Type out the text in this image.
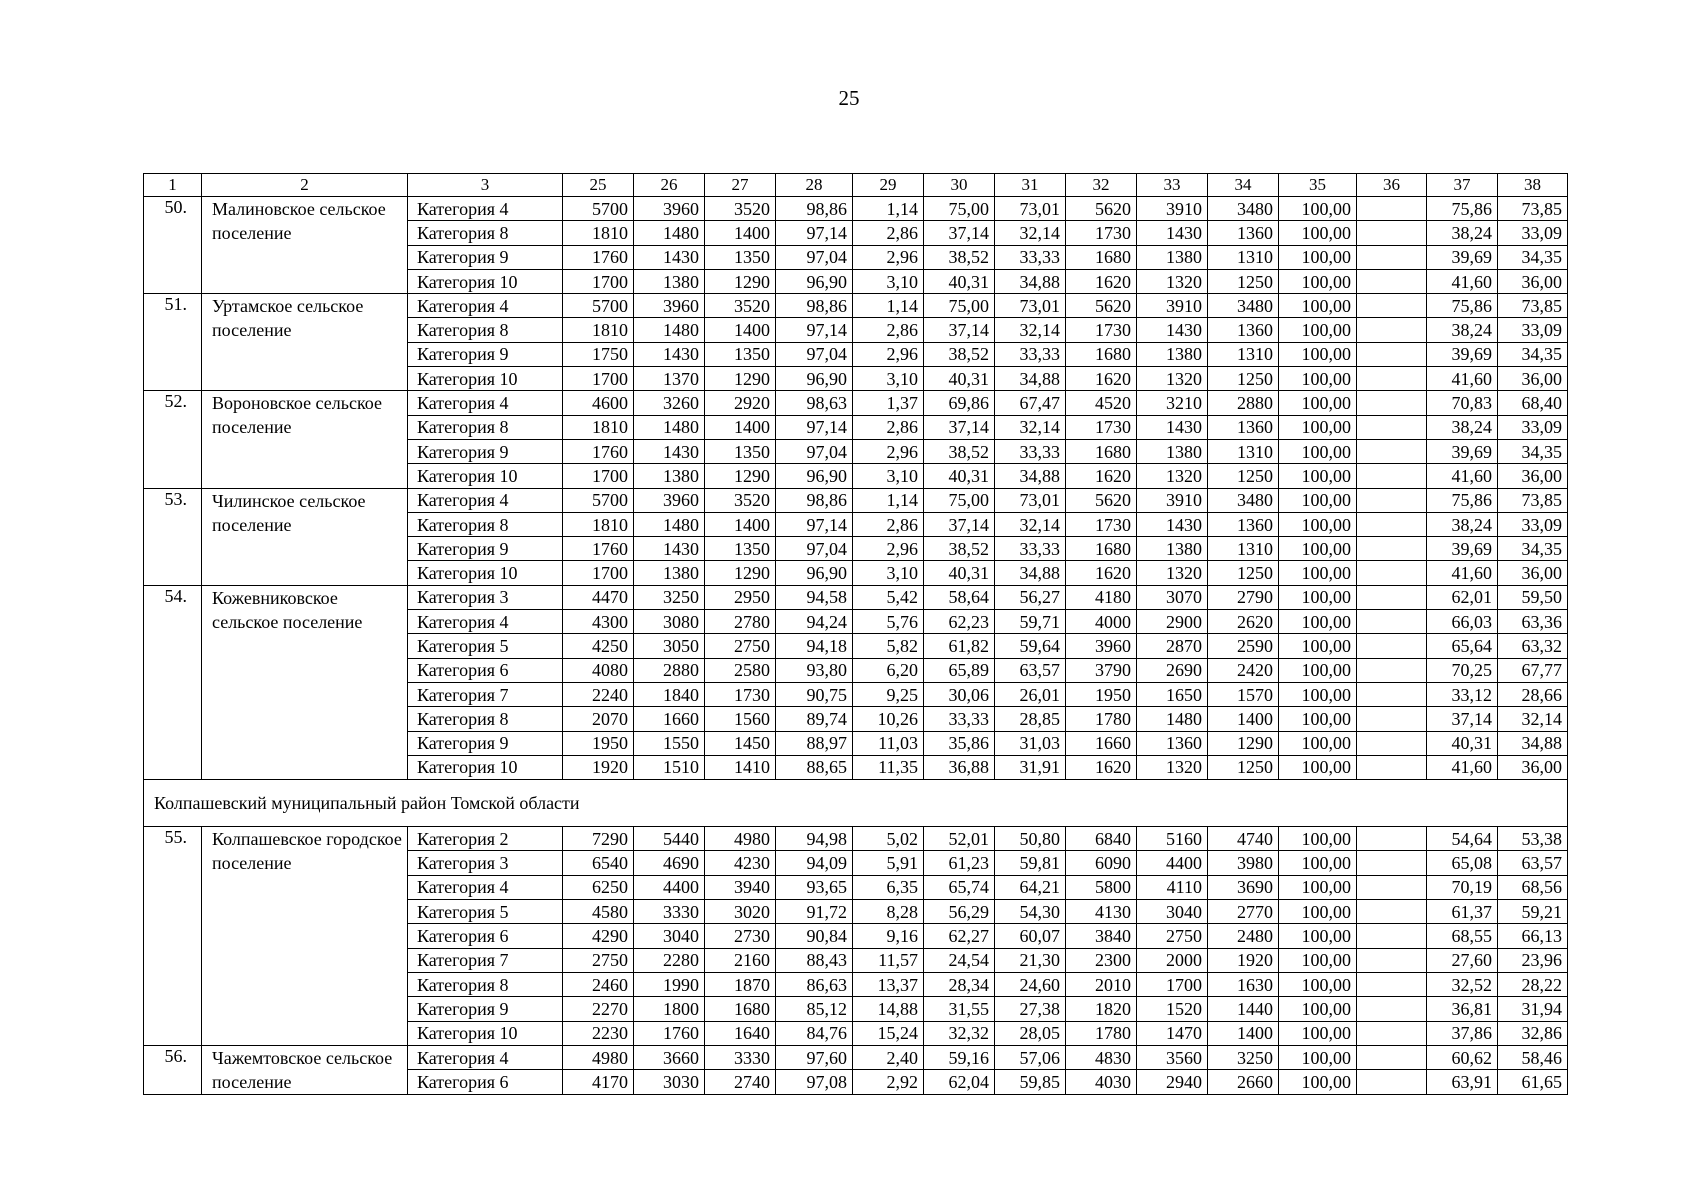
25
1	2	3	25	26	27	28	29	30	31	32	33	34	35	36	37	38
50.	Малиновское сельское поселение	Категория 4	5700	3960	3520	98,86	1,14	75,00	73,01	5620	3910	3480	100,00		75,86	73,85
		Категория 8	1810	1480	1400	97,14	2,86	37,14	32,14	1730	1430	1360	100,00		38,24	33,09
		Категория 9	1760	1430	1350	97,04	2,96	38,52	33,33	1680	1380	1310	100,00		39,69	34,35
		Категория 10	1700	1380	1290	96,90	3,10	40,31	34,88	1620	1320	1250	100,00		41,60	36,00
51.	Уртамское сельское поселение	Категория 4	5700	3960	3520	98,86	1,14	75,00	73,01	5620	3910	3480	100,00		75,86	73,85
		Категория 8	1810	1480	1400	97,14	2,86	37,14	32,14	1730	1430	1360	100,00		38,24	33,09
		Категория 9	1750	1430	1350	97,04	2,96	38,52	33,33	1680	1380	1310	100,00		39,69	34,35
		Категория 10	1700	1370	1290	96,90	3,10	40,31	34,88	1620	1320	1250	100,00		41,60	36,00
52.	Вороновское сельское поселение	Категория 4	4600	3260	2920	98,63	1,37	69,86	67,47	4520	3210	2880	100,00		70,83	68,40
		Категория 8	1810	1480	1400	97,14	2,86	37,14	32,14	1730	1430	1360	100,00		38,24	33,09
		Категория 9	1760	1430	1350	97,04	2,96	38,52	33,33	1680	1380	1310	100,00		39,69	34,35
		Категория 10	1700	1380	1290	96,90	3,10	40,31	34,88	1620	1320	1250	100,00		41,60	36,00
53.	Чилинское сельское поселение	Категория 4	5700	3960	3520	98,86	1,14	75,00	73,01	5620	3910	3480	100,00		75,86	73,85
		Категория 8	1810	1480	1400	97,14	2,86	37,14	32,14	1730	1430	1360	100,00		38,24	33,09
		Категория 9	1760	1430	1350	97,04	2,96	38,52	33,33	1680	1380	1310	100,00		39,69	34,35
		Категория 10	1700	1380	1290	96,90	3,10	40,31	34,88	1620	1320	1250	100,00		41,60	36,00
54.	Кожевниковское сельское поселение	Категория 3	4470	3250	2950	94,58	5,42	58,64	56,27	4180	3070	2790	100,00		62,01	59,50
		Категория 4	4300	3080	2780	94,24	5,76	62,23	59,71	4000	2900	2620	100,00		66,03	63,36
		Категория 5	4250	3050	2750	94,18	5,82	61,82	59,64	3960	2870	2590	100,00		65,64	63,32
		Категория 6	4080	2880	2580	93,80	6,20	65,89	63,57	3790	2690	2420	100,00		70,25	67,77
		Категория 7	2240	1840	1730	90,75	9,25	30,06	26,01	1950	1650	1570	100,00		33,12	28,66
		Категория 8	2070	1660	1560	89,74	10,26	33,33	28,85	1780	1480	1400	100,00		37,14	32,14
		Категория 9	1950	1550	1450	88,97	11,03	35,86	31,03	1660	1360	1290	100,00		40,31	34,88
		Категория 10	1920	1510	1410	88,65	11,35	36,88	31,91	1620	1320	1250	100,00		41,60	36,00
Колпашевский муниципальный район Томской области																
55.	Колпашевское городское поселение	Категория 2	7290	5440	4980	94,98	5,02	52,01	50,80	6840	5160	4740	100,00		54,64	53,38
		Категория 3	6540	4690	4230	94,09	5,91	61,23	59,81	6090	4400	3980	100,00		65,08	63,57
		Категория 4	6250	4400	3940	93,65	6,35	65,74	64,21	5800	4110	3690	100,00		70,19	68,56
		Категория 5	4580	3330	3020	91,72	8,28	56,29	54,30	4130	3040	2770	100,00		61,37	59,21
		Категория 6	4290	3040	2730	90,84	9,16	62,27	60,07	3840	2750	2480	100,00		68,55	66,13
		Категория 7	2750	2280	2160	88,43	11,57	24,54	21,30	2300	2000	1920	100,00		27,60	23,96
		Категория 8	2460	1990	1870	86,63	13,37	28,34	24,60	2010	1700	1630	100,00		32,52	28,22
		Категория 9	2270	1800	1680	85,12	14,88	31,55	27,38	1820	1520	1440	100,00		36,81	31,94
		Категория 10	2230	1760	1640	84,76	15,24	32,32	28,05	1780	1470	1400	100,00		37,86	32,86
56.	Чажемтовское сельское поселение	Категория 4	4980	3660	3330	97,60	2,40	59,16	57,06	4830	3560	3250	100,00		60,62	58,46
		Категория 6	4170	3030	2740	97,08	2,92	62,04	59,85	4030	2940	2660	100,00		63,91	61,65
